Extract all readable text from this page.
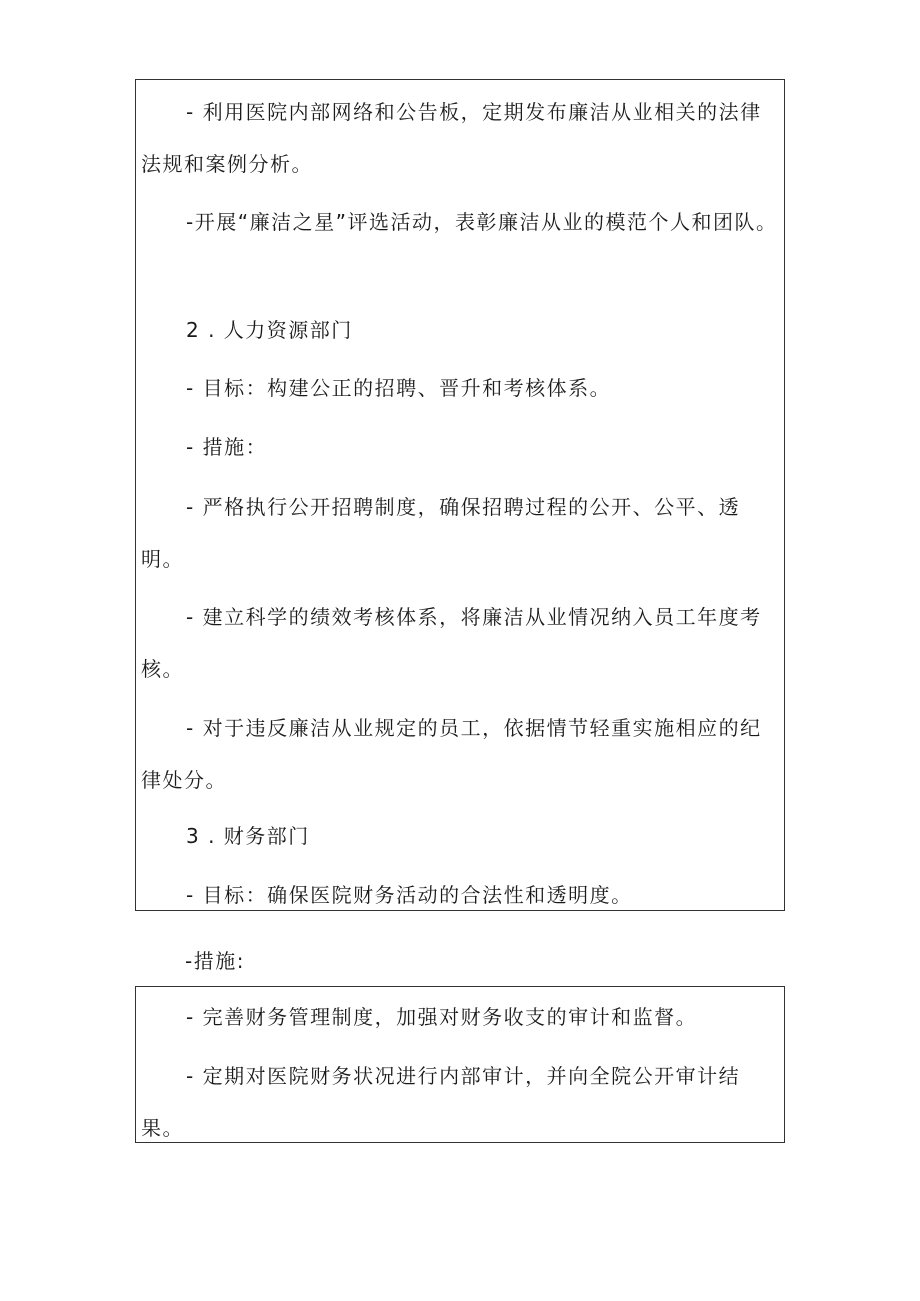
- 利用医院内部网络和公告板，定期发布廉洁从业相关的法律法规和案例分析。

-开展“廉洁之星”评选活动，表彰廉洁从业的模范个人和团队。

2 . 人力资源部门

- 目标：构建公正的招聘、晋升和考核体系。

- 措施：

- 严格执行公开招聘制度，确保招聘过程的公开、公平、透明。

- 建立科学的绩效考核体系，将廉洁从业情况纳入员工年度考核。

- 对于违反廉洁从业规定的员工，依据情节轻重实施相应的纪律处分。

3 . 财务部门

- 目标：确保医院财务活动的合法性和透明度。

-措施:

- 完善财务管理制度，加强对财务收支的审计和监督。

- 定期对医院财务状况进行内部审计，并向全院公开审计结果。
